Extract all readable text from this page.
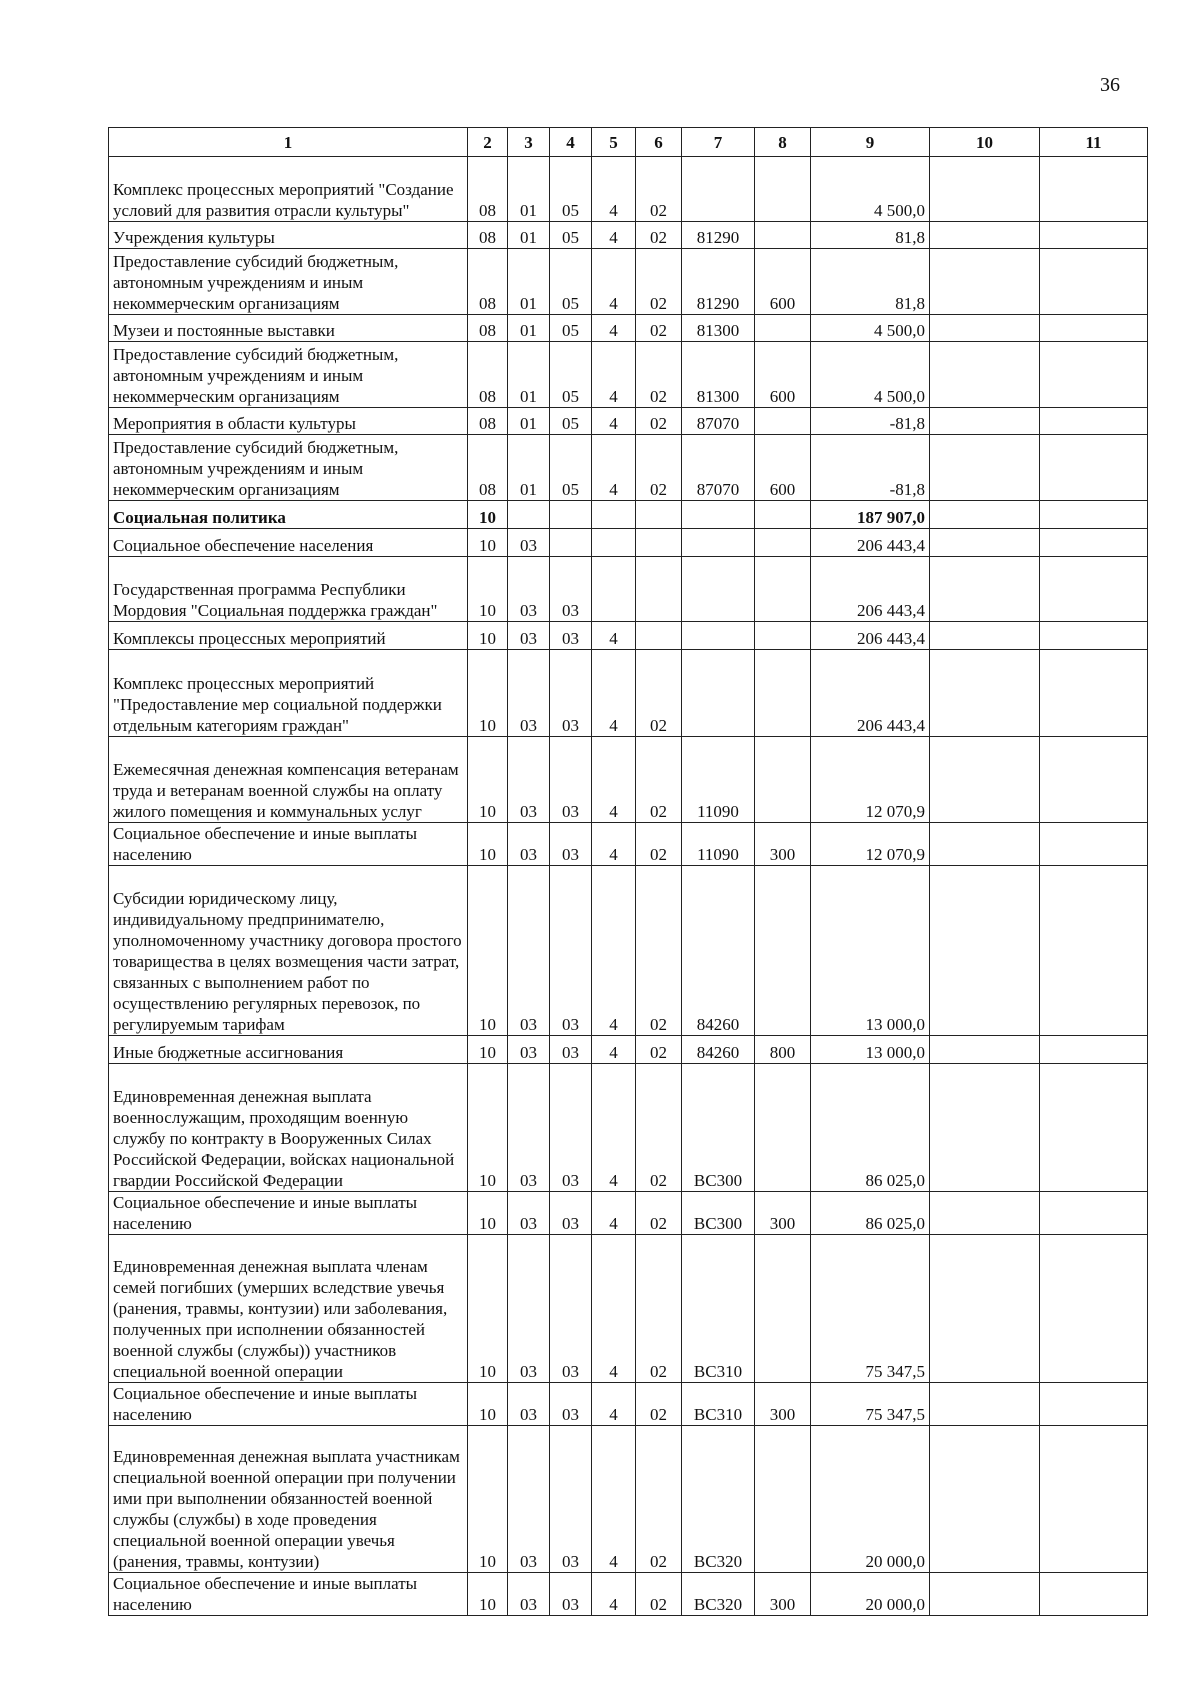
36
1	2	3	4	5	6	7	8	9	10	11
Комплекс процессных мероприятий "Создание условий для развития отрасли культуры"	08	01	05	4	02			4 500,0		
Учреждения культуры	08	01	05	4	02	81290		81,8		
Предоставление субсидий бюджетным, автономным учреждениям и иным некоммерческим организациям	08	01	05	4	02	81290	600	81,8		
Музеи и постоянные выставки	08	01	05	4	02	81300		4 500,0		
Предоставление субсидий бюджетным, автономным учреждениям и иным некоммерческим организациям	08	01	05	4	02	81300	600	4 500,0		
Мероприятия в области культуры	08	01	05	4	02	87070		-81,8		
Предоставление субсидий бюджетным, автономным учреждениям и иным некоммерческим организациям	08	01	05	4	02	87070	600	-81,8		
Социальная политика	10							187 907,0		
Социальное обеспечение населения	10	03						206 443,4		
Государственная программа Республики Мордовия "Социальная поддержка граждан"	10	03	03					206 443,4		
Комплексы процессных мероприятий	10	03	03	4				206 443,4		
Комплекс процессных мероприятий "Предоставление мер социальной поддержки отдельным категориям граждан"	10	03	03	4	02			206 443,4		
Ежемесячная денежная компенсация ветеранам труда и ветеранам военной службы на оплату жилого помещения и коммунальных услуг	10	03	03	4	02	11090		12 070,9		
Социальное обеспечение и иные выплаты населению	10	03	03	4	02	11090	300	12 070,9		
Субсидии юридическому лицу, индивидуальному предпринимателю, уполномоченному участнику договора простого товарищества в целях возмещения части затрат, связанных с выполнением работ по осуществлению регулярных перевозок, по регулируемым тарифам	10	03	03	4	02	84260		13 000,0		
Иные бюджетные ассигнования	10	03	03	4	02	84260	800	13 000,0		
Единовременная денежная выплата военнослужащим, проходящим военную службу по контракту в Вооруженных Силах Российской Федерации, войсках национальной гвардии Российской Федерации	10	03	03	4	02	ВС300		86 025,0		
Социальное обеспечение и иные выплаты населению	10	03	03	4	02	ВС300	300	86 025,0		
Единовременная денежная выплата членам семей погибших (умерших вследствие увечья (ранения, травмы, контузии) или заболевания, полученных при исполнении обязанностей военной службы (службы)) участников специальной военной операции	10	03	03	4	02	ВС310		75 347,5		
Социальное обеспечение и иные выплаты населению	10	03	03	4	02	ВС310	300	75 347,5		
Единовременная денежная выплата участникам специальной военной операции при получении ими при выполнении обязанностей военной службы (службы) в ходе проведения специальной военной операции увечья (ранения, травмы, контузии)	10	03	03	4	02	ВС320		20 000,0		
Социальное обеспечение и иные выплаты населению	10	03	03	4	02	ВС320	300	20 000,0		
